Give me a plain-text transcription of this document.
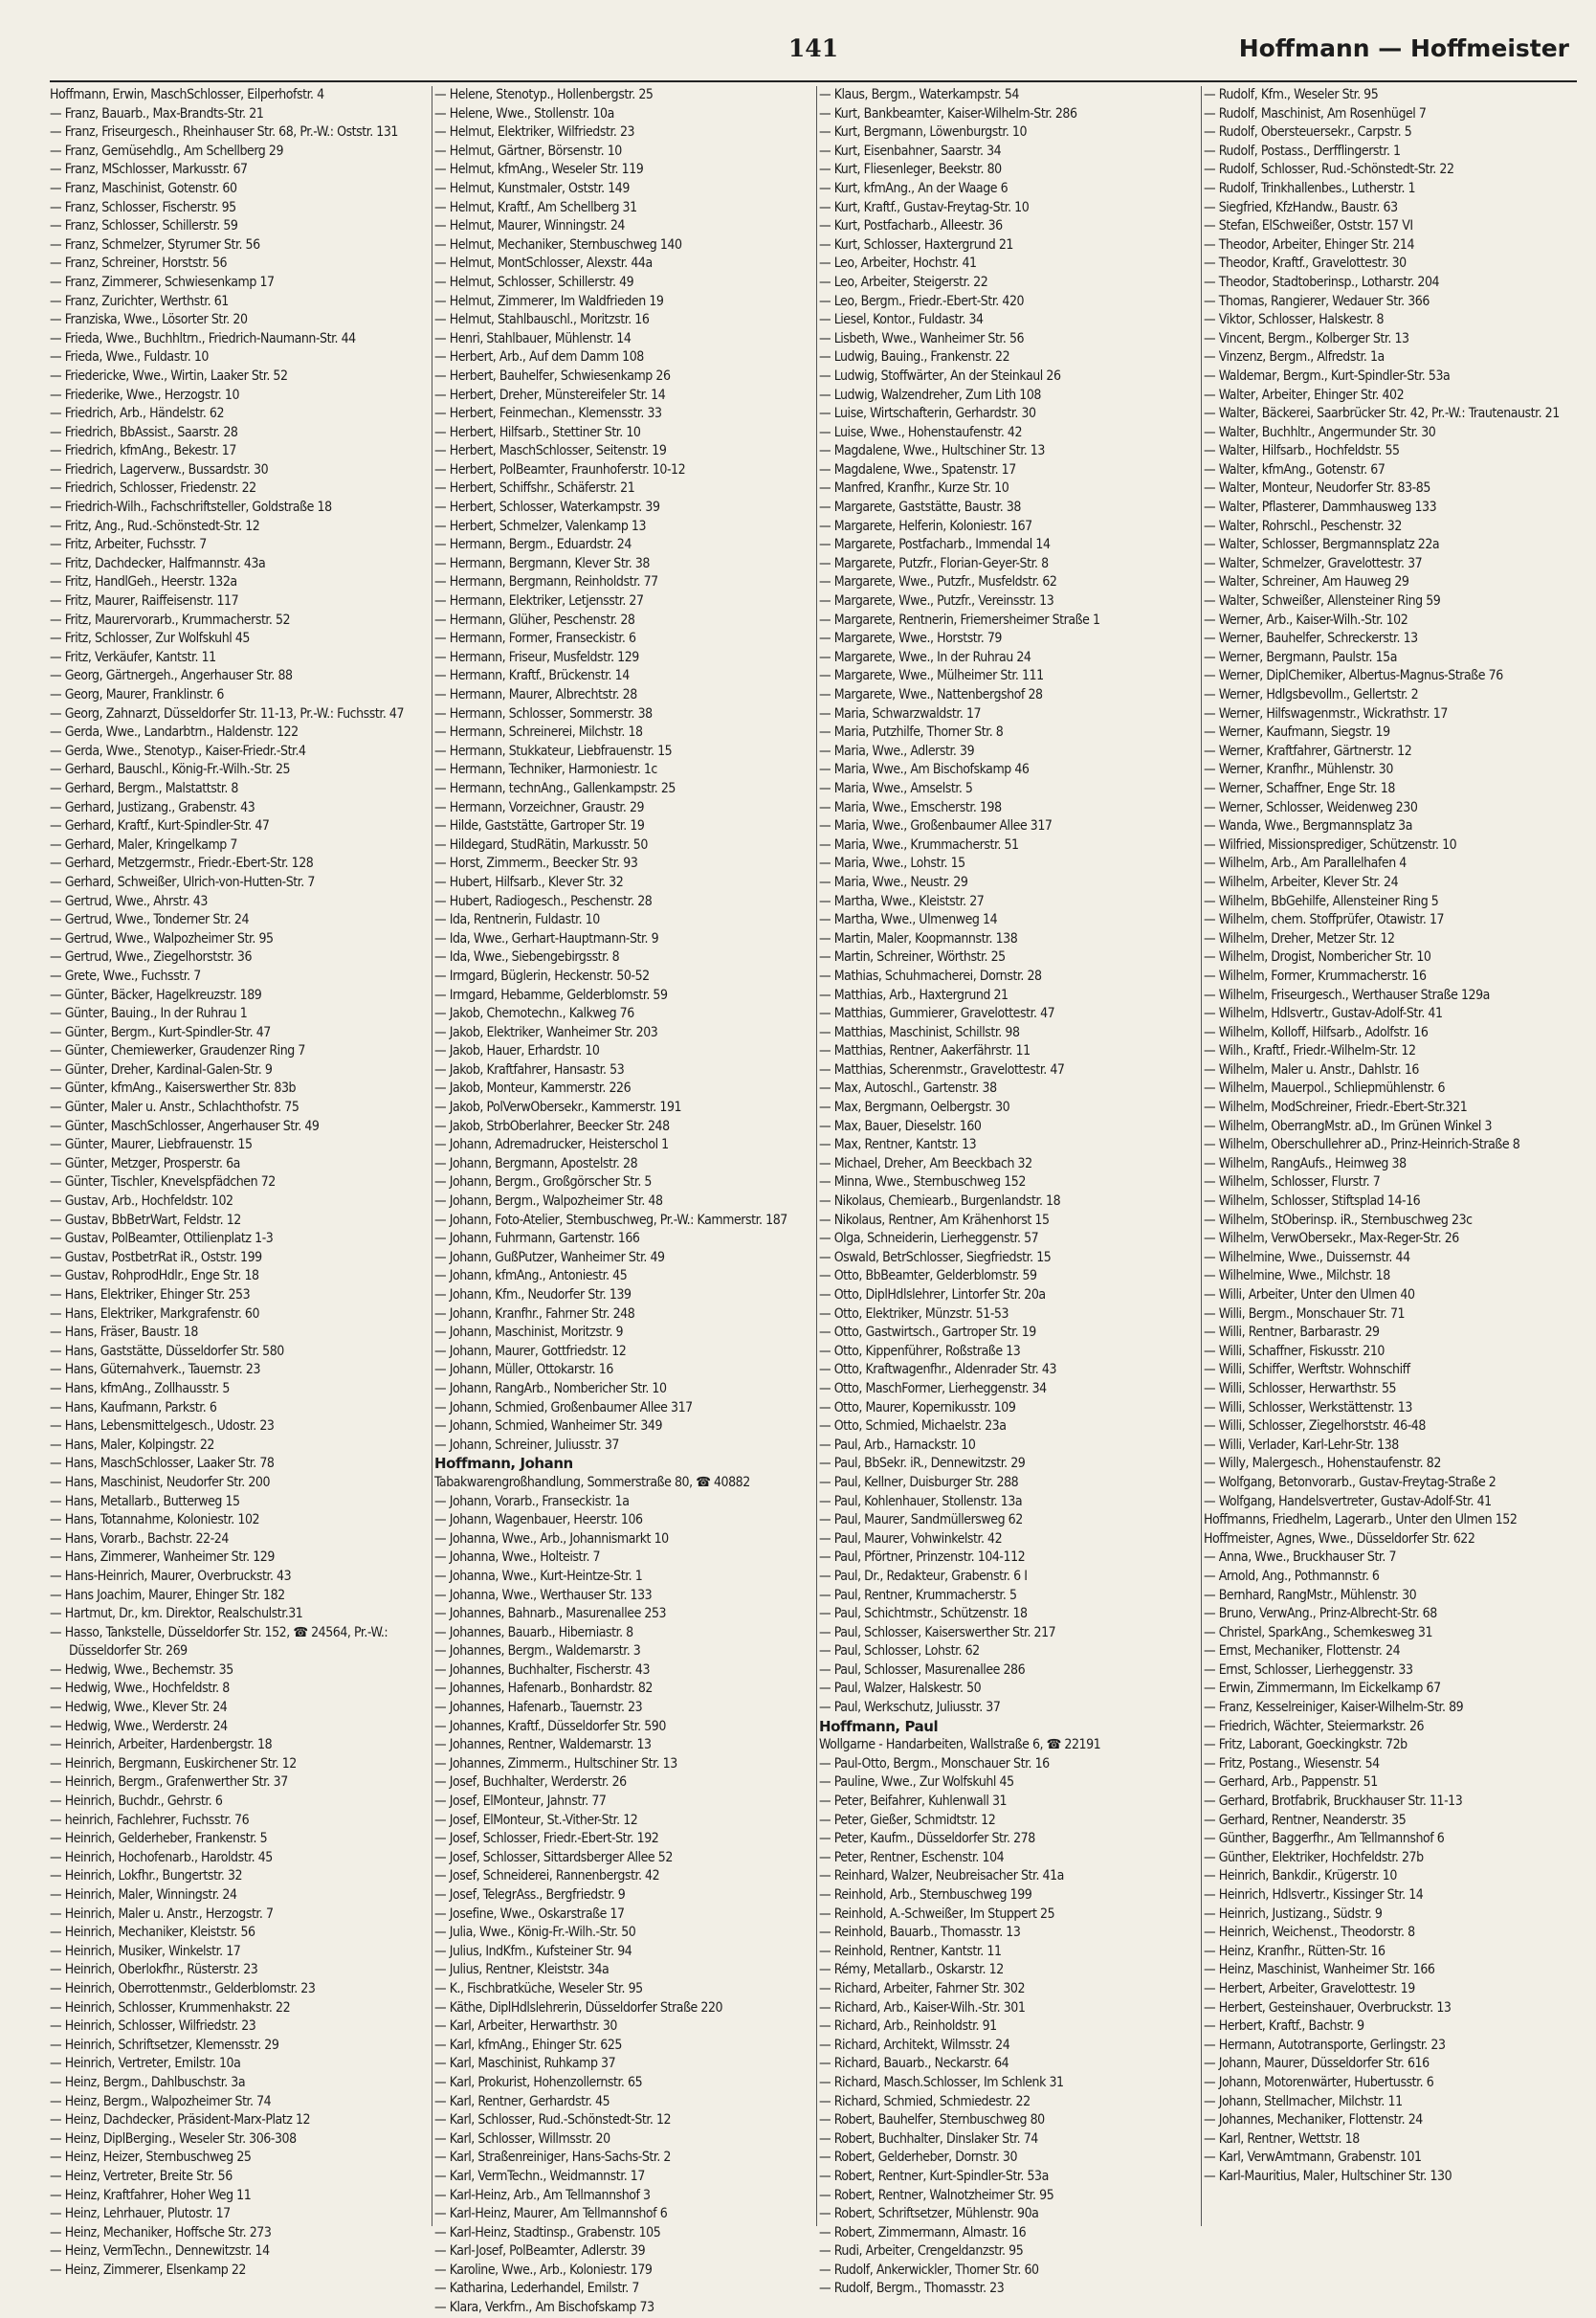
141	Hoffmann — Hoffmeister
Hoffmann, Erwin, MaschSchlosser, Eilperhofstr. 4
— Franz, Bauarb., Max-Brandts-Str. 21
— Franz, Friseurgesch., Rheinhauser Str. 68, Pr.-W.: Oststr. 131
— Franz, Gemüsehdlg., Am Schellberg 29
— Franz, MSchlosser, Markusstr. 67
— Franz, Maschinist, Gotenstr. 60
— Franz, Schlosser, Fischerstr. 95
— Franz, Schlosser, Schillerstr. 59
— Franz, Schmelzer, Styrumer Str. 56
— Franz, Schreiner, Horststr. 56
— Franz, Zimmerer, Schwiesenkamp 17
— Franz, Zurichter, Werthstr. 61
— Franziska, Wwe., Lösorter Str. 20
— Frieda, Wwe., Buchhltrn., Friedrich-Naumann-Str. 44
— Frieda, Wwe., Fuldastr. 10
— Friedericke, Wwe., Wirtin, Laaker Str. 52
— Friederike, Wwe., Herzogstr. 10
— Friedrich, Arb., Händelstr. 62
— Friedrich, BbAssist., Saarstr. 28
— Friedrich, kfmAng., Bekestr. 17
— Friedrich, Lagerverw., Bussardstr. 30
— Friedrich, Schlosser, Friedenstr. 22
— Friedrich-Wilh., Fachschriftsteller, Goldstraße 18
— Fritz, Ang., Rud.-Schönstedt-Str. 12
— Fritz, Arbeiter, Fuchsstr. 7
— Fritz, Dachdecker, Halfmannstr. 43a
— Fritz, HandlGeh., Heerstr. 132a
— Fritz, Maurer, Raiffeisenstr. 117
— Fritz, Maurervorarb., Krummacherstr. 52
— Fritz, Schlosser, Zur Wolfskuhl 45
— Fritz, Verkäufer, Kantstr. 11
— Georg, Gärtnergeh., Angerhauser Str. 88
— Georg, Maurer, Franklinstr. 6
— Georg, Zahnarzt, Düsseldorfer Str. 11-13, Pr.-W.: Fuchsstr. 47
— Gerda, Wwe., Landarbtrn., Haldenstr. 122
— Gerda, Wwe., Stenotyp., Kaiser-Friedr.-Str.4
— Gerhard, Bauschl., König-Fr.-Wilh.-Str. 25
— Gerhard, Bergm., Malstattstr. 8
— Gerhard, Justizang., Grabenstr. 43
— Gerhard, Kraftf., Kurt-Spindler-Str. 47
— Gerhard, Maler, Kringelkamp 7
— Gerhard, Metzgermstr., Friedr.-Ebert-Str. 128
— Gerhard, Schweißer, Ulrich-von-Hutten-Str. 7
— Gertrud, Wwe., Ahrstr. 43
— Gertrud, Wwe., Tonderner Str. 24
— Gertrud, Wwe., Walpozheimer Str. 95
— Gertrud, Wwe., Ziegelhorststr. 36
— Grete, Wwe., Fuchsstr. 7
— Günter, Bäcker, Hagelkreuzstr. 189
— Günter, Bauing., In der Ruhrau 1
— Günter, Bergm., Kurt-Spindler-Str. 47
— Günter, Chemiewerker, Graudenzer Ring 7
— Günter, Dreher, Kardinal-Galen-Str. 9
— Günter, kfmAng., Kaiserswerther Str. 83b
— Günter, Maler u. Anstr., Schlachthofstr. 75
— Günter, MaschSchlosser, Angerhauser Str. 49
— Günter, Maurer, Liebfrauenstr. 15
— Günter, Metzger, Prosperstr. 6a
— Günter, Tischler, Knevelspfädchen 72
— Gustav, Arb., Hochfeldstr. 102
— Gustav, BbBetrWart, Feldstr. 12
— Gustav, PolBeamter, Ottilienplatz 1-3
— Gustav, PostbetrRat iR., Oststr. 199
— Gustav, RohprodHdlr., Enge Str. 18
— Hans, Elektriker, Ehinger Str. 253
— Hans, Elektriker, Markgrafenstr. 60
— Hans, Fräser, Baustr. 18
— Hans, Gaststätte, Düsseldorfer Str. 580
— Hans, Güternahverk., Tauernstr. 23
— Hans, kfmAng., Zollhausstr. 5
— Hans, Kaufmann, Parkstr. 6
— Hans, Lebensmittelgesch., Udostr. 23
— Hans, Maler, Kolpingstr. 22
— Hans, MaschSchlosser, Laaker Str. 78
— Hans, Maschinist, Neudorfer Str. 200
— Hans, Metallarb., Butterweg 15
— Hans, Totannahme, Koloniestr. 102
— Hans, Vorarb., Bachstr. 22-24
— Hans, Zimmerer, Wanheimer Str. 129
— Hans-Heinrich, Maurer, Overbruckstr. 43
— Hans Joachim, Maurer, Ehinger Str. 182
— Hartmut, Dr., km. Direktor, Realschulstr.31
— Hasso, Tankstelle, Düsseldorfer Str. 152, ☎ 24564, Pr.-W.: Düsseldorfer Str. 269
— Hedwig, Wwe., Bechemstr. 35
— Hedwig, Wwe., Hochfeldstr. 8
— Hedwig, Wwe., Klever Str. 24
— Hedwig, Wwe., Werderstr. 24
— Heinrich, Arbeiter, Hardenbergstr. 18
— Heinrich, Bergmann, Euskirchener Str. 12
— Heinrich, Bergm., Grafenwerther Str. 37
— Heinrich, Buchdr., Gehrstr. 6
— heinrich, Fachlehrer, Fuchsstr. 76
— Heinrich, Gelderheber, Frankenstr. 5
— Heinrich, Hochofenarb., Haroldstr. 45
— Heinrich, Lokfhr., Bungertstr. 32
— Heinrich, Maler, Winningstr. 24
— Heinrich, Maler u. Anstr., Herzogstr. 7
— Heinrich, Mechaniker, Kleiststr. 56
— Heinrich, Musiker, Winkelstr. 17
— Heinrich, Oberlokfhr., Rüsterstr. 23
— Heinrich, Oberrottenmstr., Gelderblomstr. 23
— Heinrich, Schlosser, Krummenhakstr. 22
— Heinrich, Schlosser, Wilfriedstr. 23
— Heinrich, Schriftsetzer, Klemensstr. 29
— Heinrich, Vertreter, Emilstr. 10a
— Heinz, Bergm., Dahlbuschstr. 3a
— Heinz, Bergm., Walpozheimer Str. 74
— Heinz, Dachdecker, Präsident-Marx-Platz 12
— Heinz, DiplBerging., Weseler Str. 306-308
— Heinz, Heizer, Sternbuschweg 25
— Heinz, Vertreter, Breite Str. 56
— Heinz, Kraftfahrer, Hoher Weg 11
— Heinz, Lehrhauer, Plutostr. 17
— Heinz, Mechaniker, Hoffsche Str. 273
— Heinz, VermTechn., Dennewitzstr. 14
— Heinz, Zimmerer, Elsenkamp 22
— Helene, Stenotyp., Hollenbergstr. 25
— Helene, Wwe., Stollenstr. 10a
— Helmut, Elektriker, Wilfriedstr. 23
— Helmut, Gärtner, Börsenstr. 10
— Helmut, kfmAng., Weseler Str. 119
— Helmut, Kunstmaler, Oststr. 149
— Helmut, Kraftf., Am Schellberg 31
— Helmut, Maurer, Winningstr. 24
— Helmut, Mechaniker, Sternbuschweg 140
— Helmut, MontSchlosser, Alexstr. 44a
— Helmut, Schlosser, Schillerstr. 49
— Helmut, Zimmerer, Im Waldfrieden 19
— Helmut, Stahlbauschl., Moritzstr. 16
— Henri, Stahlbauer, Mühlenstr. 14
— Herbert, Arb., Auf dem Damm 108
— Herbert, Bauhelfer, Schwiesenkamp 26
— Herbert, Dreher, Münstereifeler Str. 14
— Herbert, Feinmechan., Klemensstr. 33
— Herbert, Hilfsarb., Stettiner Str. 10
— Herbert, MaschSchlosser, Seitenstr. 19
— Herbert, PolBeamter, Fraunhoferstr. 10-12
— Herbert, Schiffshr., Schäferstr. 21
— Herbert, Schlosser, Waterkampstr. 39
— Herbert, Schmelzer, Valenkamp 13
— Hermann, Bergm., Eduardstr. 24
— Hermann, Bergmann, Klever Str. 38
— Hermann, Bergmann, Reinholdstr. 77
— Hermann, Elektriker, Letjensstr. 27
— Hermann, Glüher, Peschenstr. 28
— Hermann, Former, Franseckistr. 6
— Hermann, Friseur, Musfeldstr. 129
— Hermann, Kraftf., Brückenstr. 14
— Hermann, Maurer, Albrechtstr. 28
— Hermann, Schlosser, Sommerstr. 38
— Hermann, Schreinerei, Milchstr. 18
— Hermann, Stukkateur, Liebfrauenstr. 15
— Hermann, Techniker, Harmoniestr. 1c
— Hermann, technAng., Gallenkampstr. 25
— Hermann, Vorzeichner, Graustr. 29
— Hilde, Gaststätte, Gartroper Str. 19
— Hildegard, StudRätin, Markusstr. 50
— Horst, Zimmerm., Beecker Str. 93
— Hubert, Hilfsarb., Klever Str. 32
— Hubert, Radiogesch., Peschenstr. 28
— Ida, Rentnerin, Fuldastr. 10
— Ida, Wwe., Gerhart-Hauptmann-Str. 9
— Ida, Wwe., Siebengebirgsstr. 8
— Irmgard, Büglerin, Heckenstr. 50-52
— Irmgard, Hebamme, Gelderblomstr. 59
— Jakob, Chemotechn., Kalkweg 76
— Jakob, Elektriker, Wanheimer Str. 203
— Jakob, Hauer, Erhardstr. 10
— Jakob, Kraftfahrer, Hansastr. 53
— Jakob, Monteur, Kammerstr. 226
— Jakob, PolVerwObersekr., Kammerstr. 191
— Jakob, StrbOberlahrer, Beecker Str. 248
— Johann, Adremadrucker, Heisterschol 1
— Johann, Bergmann, Apostelstr. 28
— Johann, Bergm., Großgörscher Str. 5
— Johann, Bergm., Walpozheimer Str. 48
— Johann, Foto-Atelier, Sternbuschweg, Pr.-W.: Kammerstr. 187
— Johann, Fuhrmann, Gartenstr. 166
— Johann, GußPutzer, Wanheimer Str. 49
— Johann, kfmAng., Antoniestr. 45
— Johann, Kfm., Neudorfer Str. 139
— Johann, Kranfhr., Fahrner Str. 248
— Johann, Maschinist, Moritzstr. 9
— Johann, Maurer, Gottfriedstr. 12
— Johann, Müller, Ottokarstr. 16
— Johann, RangArb., Nombericher Str. 10
— Johann, Schmied, Großenbaumer Allee 317
— Johann, Schmied, Wanheimer Str. 349
— Johann, Schreiner, Juliusstr. 37
Hoffmann, Johann
Tabakwarengroßhandlung, Sommerstraße 80, ☎ 40882
— Johann, Vorarb., Franseckistr. 1a
— Johann, Wagenbauer, Heerstr. 106
— Johanna, Wwe., Arb., Johannismarkt 10
— Johanna, Wwe., Holteistr. 7
— Johanna, Wwe., Kurt-Heintze-Str. 1
— Johanna, Wwe., Werthauser Str. 133
— Johannes, Bahnarb., Masurenallee 253
— Johannes, Bauarb., Hiberniastr. 8
— Johannes, Bergm., Waldemarstr. 3
— Johannes, Buchhalter, Fischerstr. 43
— Johannes, Hafenarb., Bonhardstr. 82
— Johannes, Hafenarb., Tauernstr. 23
— Johannes, Kraftf., Düsseldorfer Str. 590
— Johannes, Rentner, Waldemarstr. 13
— Johannes, Zimmerm., Hultschiner Str. 13
— Josef, Buchhalter, Werderstr. 26
— Josef, ElMonteur, Jahnstr. 77
— Josef, ElMonteur, St.-Vither-Str. 12
— Josef, Schlosser, Friedr.-Ebert-Str. 192
— Josef, Schlosser, Sittardsberger Allee 52
— Josef, Schneiderei, Rannenbergstr. 42
— Josef, TelegrAss., Bergfriedstr. 9
— Josefine, Wwe., Oskarstraße 17
— Julia, Wwe., König-Fr.-Wilh.-Str. 50
— Julius, IndKfm., Kufsteiner Str. 94
— Julius, Rentner, Kleiststr. 34a
— K., Fischbratküche, Weseler Str. 95
— Käthe, DiplHdlslehrerin, Düsseldorfer Straße 220
— Karl, Arbeiter, Herwarthstr. 30
— Karl, kfmAng., Ehinger Str. 625
— Karl, Maschinist, Ruhkamp 37
— Karl, Prokurist, Hohenzollernstr. 65
— Karl, Rentner, Gerhardstr. 45
— Karl, Schlosser, Rud.-Schönstedt-Str. 12
— Karl, Schlosser, Willmsstr. 20
— Karl, Straßenreiniger, Hans-Sachs-Str. 2
— Karl, VermTechn., Weidmannstr. 17
— Karl-Heinz, Arb., Am Tellmannshof 3
— Karl-Heinz, Maurer, Am Tellmannshof 6
— Karl-Heinz, Stadtinsp., Grabenstr. 105
— Karl-Josef, PolBeamter, Adlerstr. 39
— Karoline, Wwe., Arb., Koloniestr. 179
— Katharina, Lederhandel, Emilstr. 7
— Klara, Verkfrn., Am Bischofskamp 73
— Klaus, Bergm., Waterkampstr. 54
— Kurt, Bankbeamter, Kaiser-Wilhelm-Str. 286
— Kurt, Bergmann, Löwenburgstr. 10
— Kurt, Eisenbahner, Saarstr. 34
— Kurt, Fliesenleger, Beekstr. 80
— Kurt, kfmAng., An der Waage 6
— Kurt, Kraftf., Gustav-Freytag-Str. 10
— Kurt, Postfacharb., Alleestr. 36
— Kurt, Schlosser, Haxtergrund 21
— Leo, Arbeiter, Hochstr. 41
— Leo, Arbeiter, Steigerstr. 22
— Leo, Bergm., Friedr.-Ebert-Str. 420
— Liesel, Kontor., Fuldastr. 34
— Lisbeth, Wwe., Wanheimer Str. 56
— Ludwig, Bauing., Frankenstr. 22
— Ludwig, Stoffwärter, An der Steinkaul 26
— Ludwig, Walzendreher, Zum Lith 108
— Luise, Wirtschafterin, Gerhardstr. 30
— Luise, Wwe., Hohenstaufenstr. 42
— Magdalene, Wwe., Hultschiner Str. 13
— Magdalene, Wwe., Spatenstr. 17
— Manfred, Kranfhr., Kurze Str. 10
— Margarete, Gaststätte, Baustr. 38
— Margarete, Helferin, Koloniestr. 167
— Margarete, Postfacharb., Immendal 14
— Margarete, Putzfr., Florian-Geyer-Str. 8
— Margarete, Wwe., Putzfr., Musfeldstr. 62
— Margarete, Wwe., Putzfr., Vereinsstr. 13
— Margarete, Rentnerin, Friemersheimer Straße 1
— Margarete, Wwe., Horststr. 79
— Margarete, Wwe., In der Ruhrau 24
— Margarete, Wwe., Mülheimer Str. 111
— Margarete, Wwe., Nattenbergshof 28
— Maria, Schwarzwaldstr. 17
— Maria, Putzhilfe, Thorner Str. 8
— Maria, Wwe., Adlerstr. 39
— Maria, Wwe., Am Bischofskamp 46
— Maria, Wwe., Amselstr. 5
— Maria, Wwe., Emscherstr. 198
— Maria, Wwe., Großenbaumer Allee 317
— Maria, Wwe., Krummacherstr. 51
— Maria, Wwe., Lohstr. 15
— Maria, Wwe., Neustr. 29
— Martha, Wwe., Kleiststr. 27
— Martha, Wwe., Ulmenweg 14
— Martin, Maler, Koopmannstr. 138
— Martin, Schreiner, Wörthstr. 25
— Mathias, Schuhmacherei, Dornstr. 28
— Matthias, Arb., Haxtergrund 21
— Matthias, Gummierer, Gravelottestr. 47
— Matthias, Maschinist, Schillstr. 98
— Matthias, Rentner, Aakerfährstr. 11
— Matthias, Scherenmstr., Gravelottestr. 47
— Max, Autoschl., Gartenstr. 38
— Max, Bergmann, Oelbergstr. 30
— Max, Bauer, Dieselstr. 160
— Max, Rentner, Kantstr. 13
— Michael, Dreher, Am Beeckbach 32
— Minna, Wwe., Sternbuschweg 152
— Nikolaus, Chemiearb., Burgenlandstr. 18
— Nikolaus, Rentner, Am Krähenhorst 15
— Olga, Schneiderin, Lierheggenstr. 57
— Oswald, BetrSchlosser, Siegfriedstr. 15
— Otto, BbBeamter, Gelderblomstr. 59
— Otto, DiplHdlslehrer, Lintorfer Str. 20a
— Otto, Elektriker, Münzstr. 51-53
— Otto, Gastwirtsch., Gartroper Str. 19
— Otto, Kippenführer, Roßstraße 13
— Otto, Kraftwagenfhr., Aldenrader Str. 43
— Otto, MaschFormer, Lierheggenstr. 34
— Otto, Maurer, Kopernikusstr. 109
— Otto, Schmied, Michaelstr. 23a
— Paul, Arb., Harnackstr. 10
— Paul, BbSekr. iR., Dennewitzstr. 29
— Paul, Kellner, Duisburger Str. 288
— Paul, Kohlenhauer, Stollenstr. 13a
— Paul, Maurer, Sandmüllersweg 62
— Paul, Maurer, Vohwinkelstr. 42
— Paul, Pförtner, Prinzenstr. 104-112
— Paul, Dr., Redakteur, Grabenstr. 6 I
— Paul, Rentner, Krummacherstr. 5
— Paul, Schichtmstr., Schützenstr. 18
— Paul, Schlosser, Kaiserswerther Str. 217
— Paul, Schlosser, Lohstr. 62
— Paul, Schlosser, Masurenallee 286
— Paul, Walzer, Halskestr. 50
— Paul, Werkschutz, Juliusstr. 37
Hoffmann, Paul
Wollgarne - Handarbeiten, Wallstraße 6, ☎ 22191
— Paul-Otto, Bergm., Monschauer Str. 16
— Pauline, Wwe., Zur Wolfskuhl 45
— Peter, Beifahrer, Kuhlenwall 31
— Peter, Gießer, Schmidtstr. 12
— Peter, Kaufm., Düsseldorfer Str. 278
— Peter, Rentner, Eschenstr. 104
— Reinhard, Walzer, Neubreisacher Str. 41a
— Reinhold, Arb., Sternbuschweg 199
— Reinhold, A.-Schweißer, Im Stuppert 25
— Reinhold, Bauarb., Thomasstr. 13
— Reinhold, Rentner, Kantstr. 11
— Rémy, Metallarb., Oskarstr. 12
— Richard, Arbeiter, Fahrner Str. 302
— Richard, Arb., Kaiser-Wilh.-Str. 301
— Richard, Arb., Reinholdstr. 91
— Richard, Architekt, Wilmsstr. 24
— Richard, Bauarb., Neckarstr. 64
— Richard, Masch.Schlosser, Im Schlenk 31
— Richard, Schmied, Schmiedestr. 22
— Robert, Bauhelfer, Sternbuschweg 80
— Robert, Buchhalter, Dinslaker Str. 74
— Robert, Gelderheber, Dornstr. 30
— Robert, Rentner, Kurt-Spindler-Str. 53a
— Robert, Rentner, Walnotzheimer Str. 95
— Robert, Schriftsetzer, Mühlenstr. 90a
— Robert, Zimmermann, Almastr. 16
— Rudi, Arbeiter, Crengeldanzstr. 95
— Rudolf, Ankerwickler, Thorner Str. 60
— Rudolf, Bergm., Thomasstr. 23
— Rudolf, Kfm., Weseler Str. 95
— Rudolf, Maschinist, Am Rosenhügel 7
— Rudolf, Obersteuersekr., Carpstr. 5
— Rudolf, Postass., Derfflingerstr. 1
— Rudolf, Schlosser, Rud.-Schönstedt-Str. 22
— Rudolf, Trinkhallenbes., Lutherstr. 1
— Siegfried, KfzHandw., Baustr. 63
— Stefan, ElSchweißer, Oststr. 157 VI
— Theodor, Arbeiter, Ehinger Str. 214
— Theodor, Kraftf., Gravelottestr. 30
— Theodor, Stadtoberinsp., Lotharstr. 204
— Thomas, Rangierer, Wedauer Str. 366
— Viktor, Schlosser, Halskestr. 8
— Vincent, Bergm., Kolberger Str. 13
— Vinzenz, Bergm., Alfredstr. 1a
— Waldemar, Bergm., Kurt-Spindler-Str. 53a
— Walter, Arbeiter, Ehinger Str. 402
— Walter, Bäckerei, Saarbrücker Str. 42, Pr.-W.: Trautenaustr. 21
— Walter, Buchhltr., Angermunder Str. 30
— Walter, Hilfsarb., Hochfeldstr. 55
— Walter, kfmAng., Gotenstr. 67
— Walter, Monteur, Neudorfer Str. 83-85
— Walter, Pflasterer, Dammhausweg 133
— Walter, Rohrschl., Peschenstr. 32
— Walter, Schlosser, Bergmannsplatz 22a
— Walter, Schmelzer, Gravelottestr. 37
— Walter, Schreiner, Am Hauweg 29
— Walter, Schweißer, Allensteiner Ring 59
— Werner, Arb., Kaiser-Wilh.-Str. 102
— Werner, Bauhelfer, Schreckerstr. 13
— Werner, Bergmann, Paulstr. 15a
— Werner, DiplChemiker, Albertus-Magnus-Straße 76
— Werner, Hdlgsbevollm., Gellertstr. 2
— Werner, Hilfswagenmstr., Wickrathstr. 17
— Werner, Kaufmann, Siegstr. 19
— Werner, Kraftfahrer, Gärtnerstr. 12
— Werner, Kranfhr., Mühlenstr. 30
— Werner, Schaffner, Enge Str. 18
— Werner, Schlosser, Weidenweg 230
— Wanda, Wwe., Bergmannsplatz 3a
— Wilfried, Missionsprediger, Schützenstr. 10
— Wilhelm, Arb., Am Parallelhafen 4
— Wilhelm, Arbeiter, Klever Str. 24
— Wilhelm, BbGehilfe, Allensteiner Ring 5
— Wilhelm, chem. Stoffprüfer, Otawistr. 17
— Wilhelm, Dreher, Metzer Str. 12
— Wilhelm, Drogist, Nombericher Str. 10
— Wilhelm, Former, Krummacherstr. 16
— Wilhelm, Friseurgesch., Werthauser Straße 129a
— Wilhelm, Hdlsvertr., Gustav-Adolf-Str. 41
— Wilhelm, Kolloff, Hilfsarb., Adolfstr. 16
— Wilh., Kraftf., Friedr.-Wilhelm-Str. 12
— Wilhelm, Maler u. Anstr., Dahlstr. 16
— Wilhelm, Mauerpol., Schliepmühlenstr. 6
— Wilhelm, ModSchreiner, Friedr.-Ebert-Str.321
— Wilhelm, OberrangMstr. aD., Im Grünen Winkel 3
— Wilhelm, Oberschullehrer aD., Prinz-Heinrich-Straße 8
— Wilhelm, RangAufs., Heimweg 38
— Wilhelm, Schlosser, Flurstr. 7
— Wilhelm, Schlosser, Stiftsplad 14-16
— Wilhelm, StOberinsp. iR., Sternbuschweg 23c
— Wilhelm, VerwObersekr., Max-Reger-Str. 26
— Wilhelmine, Wwe., Duissernstr. 44
— Wilhelmine, Wwe., Milchstr. 18
— Willi, Arbeiter, Unter den Ulmen 40
— Willi, Bergm., Monschauer Str. 71
— Willi, Rentner, Barbarastr. 29
— Willi, Schaffner, Fiskusstr. 210
— Willi, Schiffer, Werftstr. Wohnschiff
— Willi, Schlosser, Herwarthstr. 55
— Willi, Schlosser, Werkstättenstr. 13
— Willi, Schlosser, Ziegelhorststr. 46-48
— Willi, Verlader, Karl-Lehr-Str. 138
— Willy, Malergesch., Hohenstaufenstr. 82
— Wolfgang, Betonvorarb., Gustav-Freytag-Straße 2
— Wolfgang, Handelsvertreter, Gustav-Adolf-Str. 41
Hoffmanns, Friedhelm, Lagerarb., Unter den Ulmen 152
Hoffmeister, Agnes, Wwe., Düsseldorfer Str. 622
— Anna, Wwe., Bruckhauser Str. 7
— Arnold, Ang., Pothmannstr. 6
— Bernhard, RangMstr., Mühlenstr. 30
— Bruno, VerwAng., Prinz-Albrecht-Str. 68
— Christel, SparkAng., Schemkesweg 31
— Ernst, Mechaniker, Flottenstr. 24
— Ernst, Schlosser, Lierheggenstr. 33
— Erwin, Zimmermann, Im Eickelkamp 67
— Franz, Kesselreiniger, Kaiser-Wilhelm-Str. 89
— Friedrich, Wächter, Steiermarkstr. 26
— Fritz, Laborant, Goeckingkstr. 72b
— Fritz, Postang., Wiesenstr. 54
— Gerhard, Arb., Pappenstr. 51
— Gerhard, Brotfabrik, Bruckhauser Str. 11-13
— Gerhard, Rentner, Neanderstr. 35
— Günther, Baggerfhr., Am Tellmannshof 6
— Günther, Elektriker, Hochfeldstr. 27b
— Heinrich, Bankdir., Krügerstr. 10
— Heinrich, Hdlsvertr., Kissinger Str. 14
— Heinrich, Justizang., Südstr. 9
— Heinrich, Weichenst., Theodorstr. 8
— Heinz, Kranfhr., Rütten-Str. 16
— Heinz, Maschinist, Wanheimer Str. 166
— Herbert, Arbeiter, Gravelottestr. 19
— Herbert, Gesteinshauer, Overbruckstr. 13
— Herbert, Kraftf., Bachstr. 9
— Hermann, Autotransporte, Gerlingstr. 23
— Johann, Maurer, Düsseldorfer Str. 616
— Johann, Motorenwärter, Hubertusstr. 6
— Johann, Stellmacher, Milchstr. 11
— Johannes, Mechaniker, Flottenstr. 24
— Karl, Rentner, Wettstr. 18
— Karl, VerwAmtmann, Grabenstr. 101
— Karl-Mauritius, Maler, Hultschiner Str. 130
